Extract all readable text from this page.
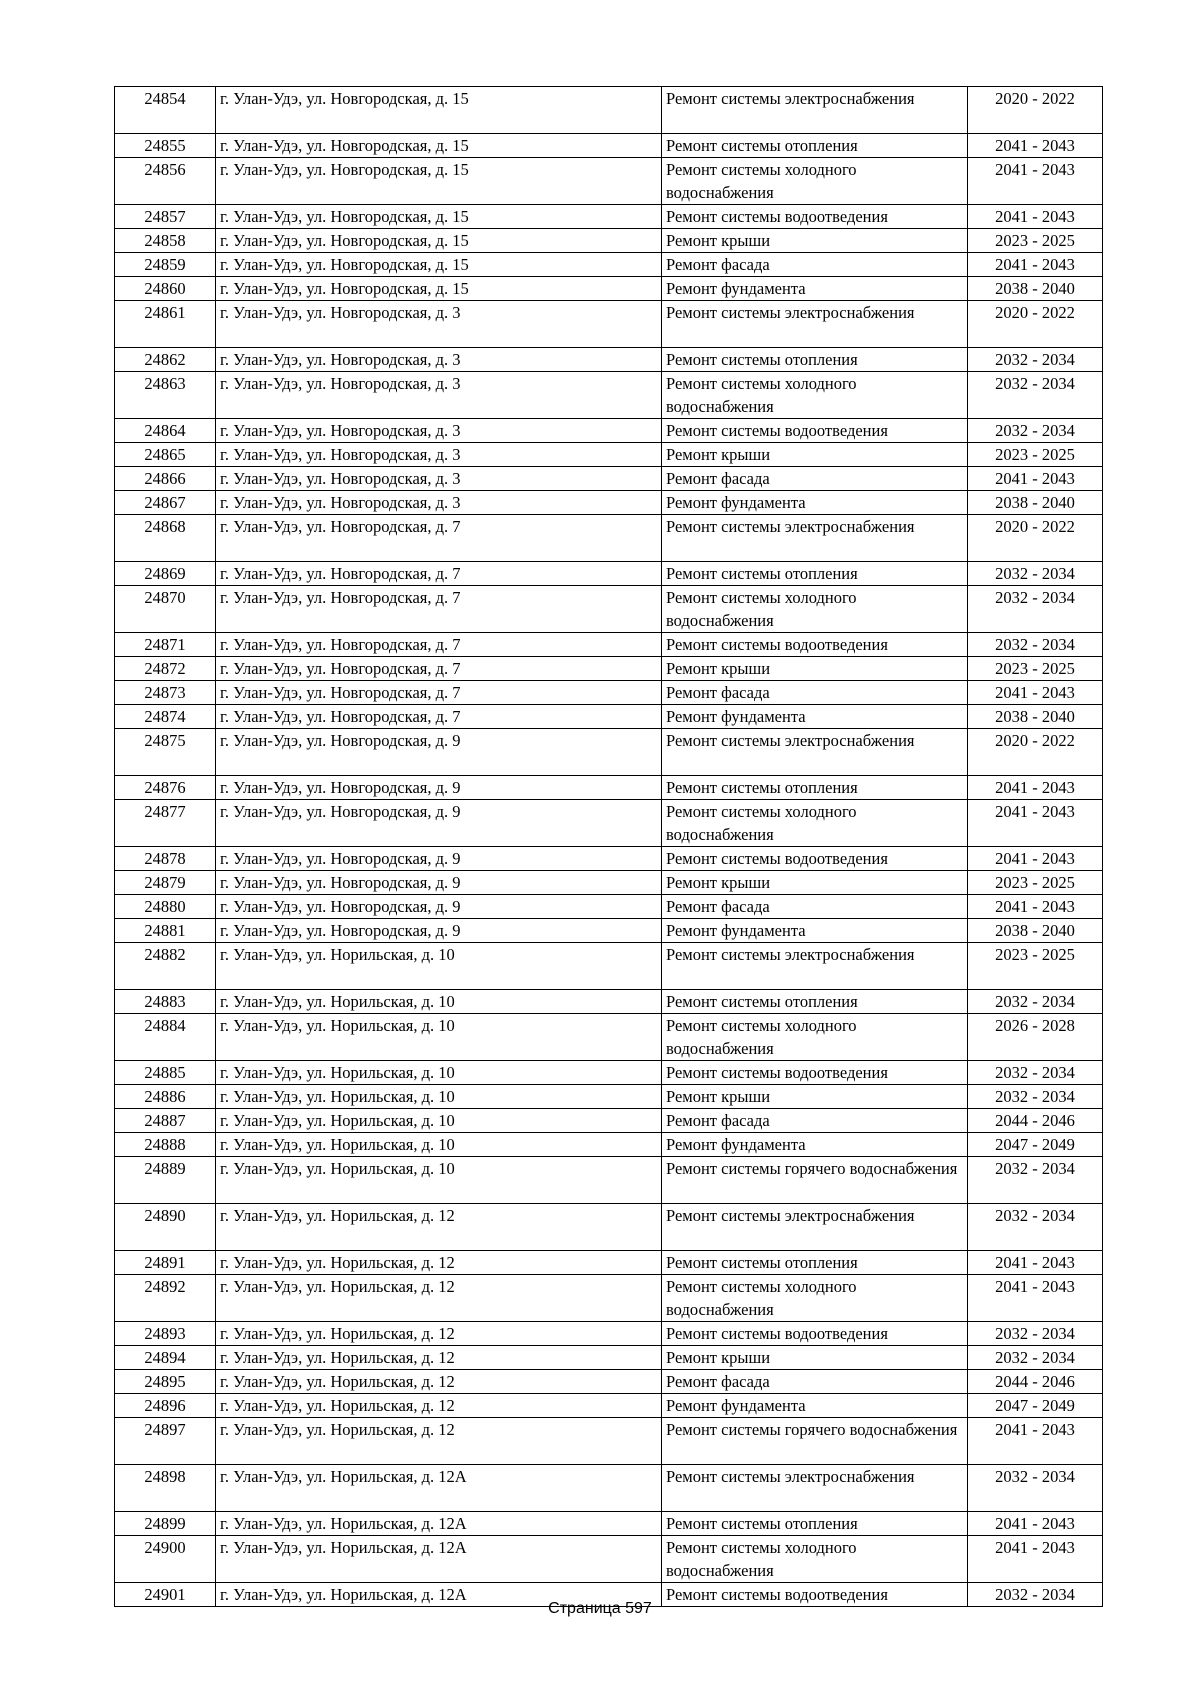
24854	г. Улан-Удэ, ул. Новгородская, д. 15	Ремонт системы электроснабжения	2020 - 2022
24855	г. Улан-Удэ, ул. Новгородская, д. 15	Ремонт системы отопления	2041 - 2043
24856	г. Улан-Удэ, ул. Новгородская, д. 15	Ремонт системы холодного водоснабжения	2041 - 2043
24857	г. Улан-Удэ, ул. Новгородская, д. 15	Ремонт системы водоотведения	2041 - 2043
24858	г. Улан-Удэ, ул. Новгородская, д. 15	Ремонт крыши	2023 - 2025
24859	г. Улан-Удэ, ул. Новгородская, д. 15	Ремонт фасада	2041 - 2043
24860	г. Улан-Удэ, ул. Новгородская, д. 15	Ремонт фундамента	2038 - 2040
24861	г. Улан-Удэ, ул. Новгородская, д. 3	Ремонт системы электроснабжения	2020 - 2022
24862	г. Улан-Удэ, ул. Новгородская, д. 3	Ремонт системы отопления	2032 - 2034
24863	г. Улан-Удэ, ул. Новгородская, д. 3	Ремонт системы холодного водоснабжения	2032 - 2034
24864	г. Улан-Удэ, ул. Новгородская, д. 3	Ремонт системы водоотведения	2032 - 2034
24865	г. Улан-Удэ, ул. Новгородская, д. 3	Ремонт крыши	2023 - 2025
24866	г. Улан-Удэ, ул. Новгородская, д. 3	Ремонт фасада	2041 - 2043
24867	г. Улан-Удэ, ул. Новгородская, д. 3	Ремонт фундамента	2038 - 2040
24868	г. Улан-Удэ, ул. Новгородская, д. 7	Ремонт системы электроснабжения	2020 - 2022
24869	г. Улан-Удэ, ул. Новгородская, д. 7	Ремонт системы отопления	2032 - 2034
24870	г. Улан-Удэ, ул. Новгородская, д. 7	Ремонт системы холодного водоснабжения	2032 - 2034
24871	г. Улан-Удэ, ул. Новгородская, д. 7	Ремонт системы водоотведения	2032 - 2034
24872	г. Улан-Удэ, ул. Новгородская, д. 7	Ремонт крыши	2023 - 2025
24873	г. Улан-Удэ, ул. Новгородская, д. 7	Ремонт фасада	2041 - 2043
24874	г. Улан-Удэ, ул. Новгородская, д. 7	Ремонт фундамента	2038 - 2040
24875	г. Улан-Удэ, ул. Новгородская, д. 9	Ремонт системы электроснабжения	2020 - 2022
24876	г. Улан-Удэ, ул. Новгородская, д. 9	Ремонт системы отопления	2041 - 2043
24877	г. Улан-Удэ, ул. Новгородская, д. 9	Ремонт системы холодного водоснабжения	2041 - 2043
24878	г. Улан-Удэ, ул. Новгородская, д. 9	Ремонт системы водоотведения	2041 - 2043
24879	г. Улан-Удэ, ул. Новгородская, д. 9	Ремонт крыши	2023 - 2025
24880	г. Улан-Удэ, ул. Новгородская, д. 9	Ремонт фасада	2041 - 2043
24881	г. Улан-Удэ, ул. Новгородская, д. 9	Ремонт фундамента	2038 - 2040
24882	г. Улан-Удэ, ул. Норильская, д. 10	Ремонт системы электроснабжения	2023 - 2025
24883	г. Улан-Удэ, ул. Норильская, д. 10	Ремонт системы отопления	2032 - 2034
24884	г. Улан-Удэ, ул. Норильская, д. 10	Ремонт системы холодного водоснабжения	2026 - 2028
24885	г. Улан-Удэ, ул. Норильская, д. 10	Ремонт системы водоотведения	2032 - 2034
24886	г. Улан-Удэ, ул. Норильская, д. 10	Ремонт крыши	2032 - 2034
24887	г. Улан-Удэ, ул. Норильская, д. 10	Ремонт фасада	2044 - 2046
24888	г. Улан-Удэ, ул. Норильская, д. 10	Ремонт фундамента	2047 - 2049
24889	г. Улан-Удэ, ул. Норильская, д. 10	Ремонт системы горячего водоснабжения	2032 - 2034
24890	г. Улан-Удэ, ул. Норильская, д. 12	Ремонт системы электроснабжения	2032 - 2034
24891	г. Улан-Удэ, ул. Норильская, д. 12	Ремонт системы отопления	2041 - 2043
24892	г. Улан-Удэ, ул. Норильская, д. 12	Ремонт системы холодного водоснабжения	2041 - 2043
24893	г. Улан-Удэ, ул. Норильская, д. 12	Ремонт системы водоотведения	2032 - 2034
24894	г. Улан-Удэ, ул. Норильская, д. 12	Ремонт крыши	2032 - 2034
24895	г. Улан-Удэ, ул. Норильская, д. 12	Ремонт фасада	2044 - 2046
24896	г. Улан-Удэ, ул. Норильская, д. 12	Ремонт фундамента	2047 - 2049
24897	г. Улан-Удэ, ул. Норильская, д. 12	Ремонт системы горячего водоснабжения	2041 - 2043
24898	г. Улан-Удэ, ул. Норильская, д. 12А	Ремонт системы электроснабжения	2032 - 2034
24899	г. Улан-Удэ, ул. Норильская, д. 12А	Ремонт системы отопления	2041 - 2043
24900	г. Улан-Удэ, ул. Норильская, д. 12А	Ремонт системы холодного водоснабжения	2041 - 2043
24901	г. Улан-Удэ, ул. Норильская, д. 12А	Ремонт системы водоотведения	2032 - 2034
Страница 597
